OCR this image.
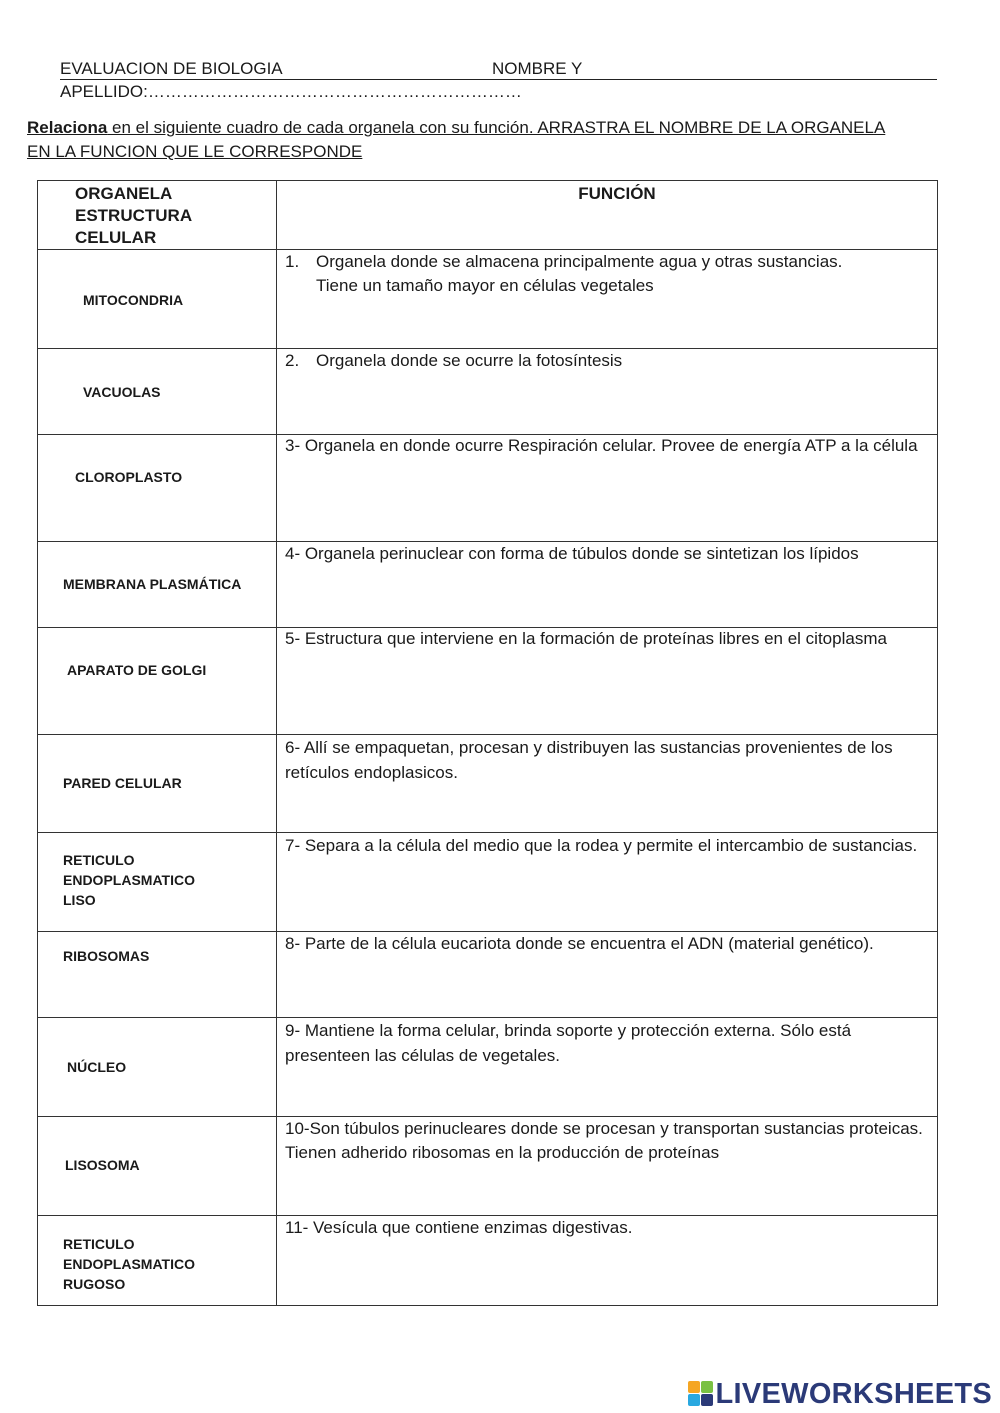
EVALUACION DE BIOLOGIA	NOMBRE Y
APELLIDO:…………………………………………………………
Relaciona en el siguiente cuadro de cada organela con su función. ARRASTRA EL NOMBRE DE LA ORGANELA EN LA FUNCION QUE LE CORRESPONDE
ORGANELA
ESTRUCTURA
CELULAR	FUNCIÓN

MITOCONDRIA	1. Organela donde se almacena principalmente agua y otras sustancias.
Tiene un tamaño mayor en células vegetales

VACUOLAS	2. Organela donde se ocurre la fotosíntesis

CLOROPLASTO	3- Organela en donde ocurre Respiración celular. Provee de energía ATP a la célula

MEMBRANA PLASMÁTICA	4- Organela perinuclear con forma de túbulos donde se sintetizan los lípidos

APARATO DE GOLGI	5- Estructura que interviene en la formación de proteínas libres en el citoplasma

PARED CELULAR	6- Allí se empaquetan, procesan y distribuyen las sustancias provenientes de los retículos endoplasicos.

RETICULO
ENDOPLASMATICO
LISO	7- Separa a la célula del medio que la rodea y permite el intercambio de sustancias.

RIBOSOMAS	8- Parte de la célula eucariota donde se encuentra el ADN (material genético).

NÚCLEO	9- Mantiene la forma celular, brinda soporte y protección externa. Sólo está presenteen las células de vegetales.

LISOSOMA	10-Son túbulos perinucleares donde se procesan y transportan sustancias proteicas. Tienen adherido ribosomas en la producción de proteínas

RETICULO
ENDOPLASMATICO
RUGOSO	11- Vesícula que contiene enzimas digestivas.
LIVEWORKSHEETS
